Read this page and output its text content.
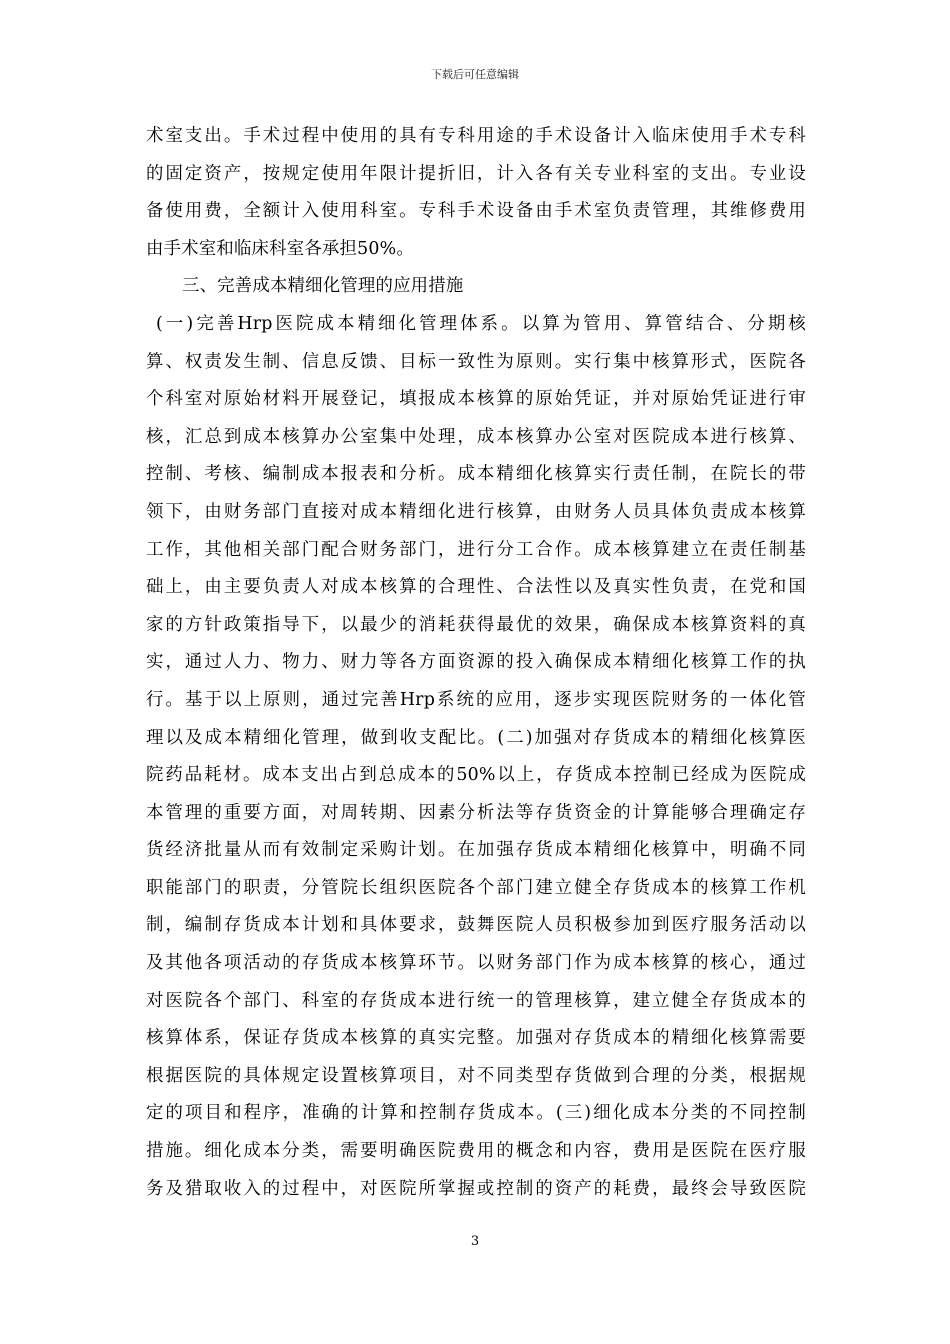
下载后可任意编辑
术室支出。手术过程中使用的具有专科用途的手术设备计入临床使用手术专科
的固定资产，按规定使用年限计提折旧，计入各有关专业科室的支出。专业设
备使用费，全额计入使用科室。专科手术设备由手术室负责管理，其维修费用
由手术室和临床科室各承担50%。
三、完善成本精细化管理的应用措施
(一)完善Hrp医院成本精细化管理体系。以算为管用、算管结合、分期核
算、权责发生制、信息反馈、目标一致性为原则。实行集中核算形式，医院各
个科室对原始材料开展登记，填报成本核算的原始凭证，并对原始凭证进行审
核，汇总到成本核算办公室集中处理，成本核算办公室对医院成本进行核算、
控制、考核、编制成本报表和分析。成本精细化核算实行责任制，在院长的带
领下，由财务部门直接对成本精细化进行核算，由财务人员具体负责成本核算
工作，其他相关部门配合财务部门，进行分工合作。成本核算建立在责任制基
础上，由主要负责人对成本核算的合理性、合法性以及真实性负责，在党和国
家的方针政策指导下，以最少的消耗获得最优的效果，确保成本核算资料的真
实，通过人力、物力、财力等各方面资源的投入确保成本精细化核算工作的执
行。基于以上原则，通过完善Hrp系统的应用，逐步实现医院财务的一体化管
理以及成本精细化管理，做到收支配比。(二)加强对存货成本的精细化核算医
院药品耗材。成本支出占到总成本的50%以上，存货成本控制已经成为医院成
本管理的重要方面，对周转期、因素分析法等存货资金的计算能够合理确定存
货经济批量从而有效制定采购计划。在加强存货成本精细化核算中，明确不同
职能部门的职责，分管院长组织医院各个部门建立健全存货成本的核算工作机
制，编制存货成本计划和具体要求，鼓舞医院人员积极参加到医疗服务活动以
及其他各项活动的存货成本核算环节。以财务部门作为成本核算的核心，通过
对医院各个部门、科室的存货成本进行统一的管理核算，建立健全存货成本的
核算体系，保证存货成本核算的真实完整。加强对存货成本的精细化核算需要
根据医院的具体规定设置核算项目，对不同类型存货做到合理的分类，根据规
定的项目和程序，准确的计算和控制存货成本。(三)细化成本分类的不同控制
措施。细化成本分类，需要明确医院费用的概念和内容，费用是医院在医疗服
务及猎取收入的过程中，对医院所掌握或控制的资产的耗费，最终会导致医院
3
